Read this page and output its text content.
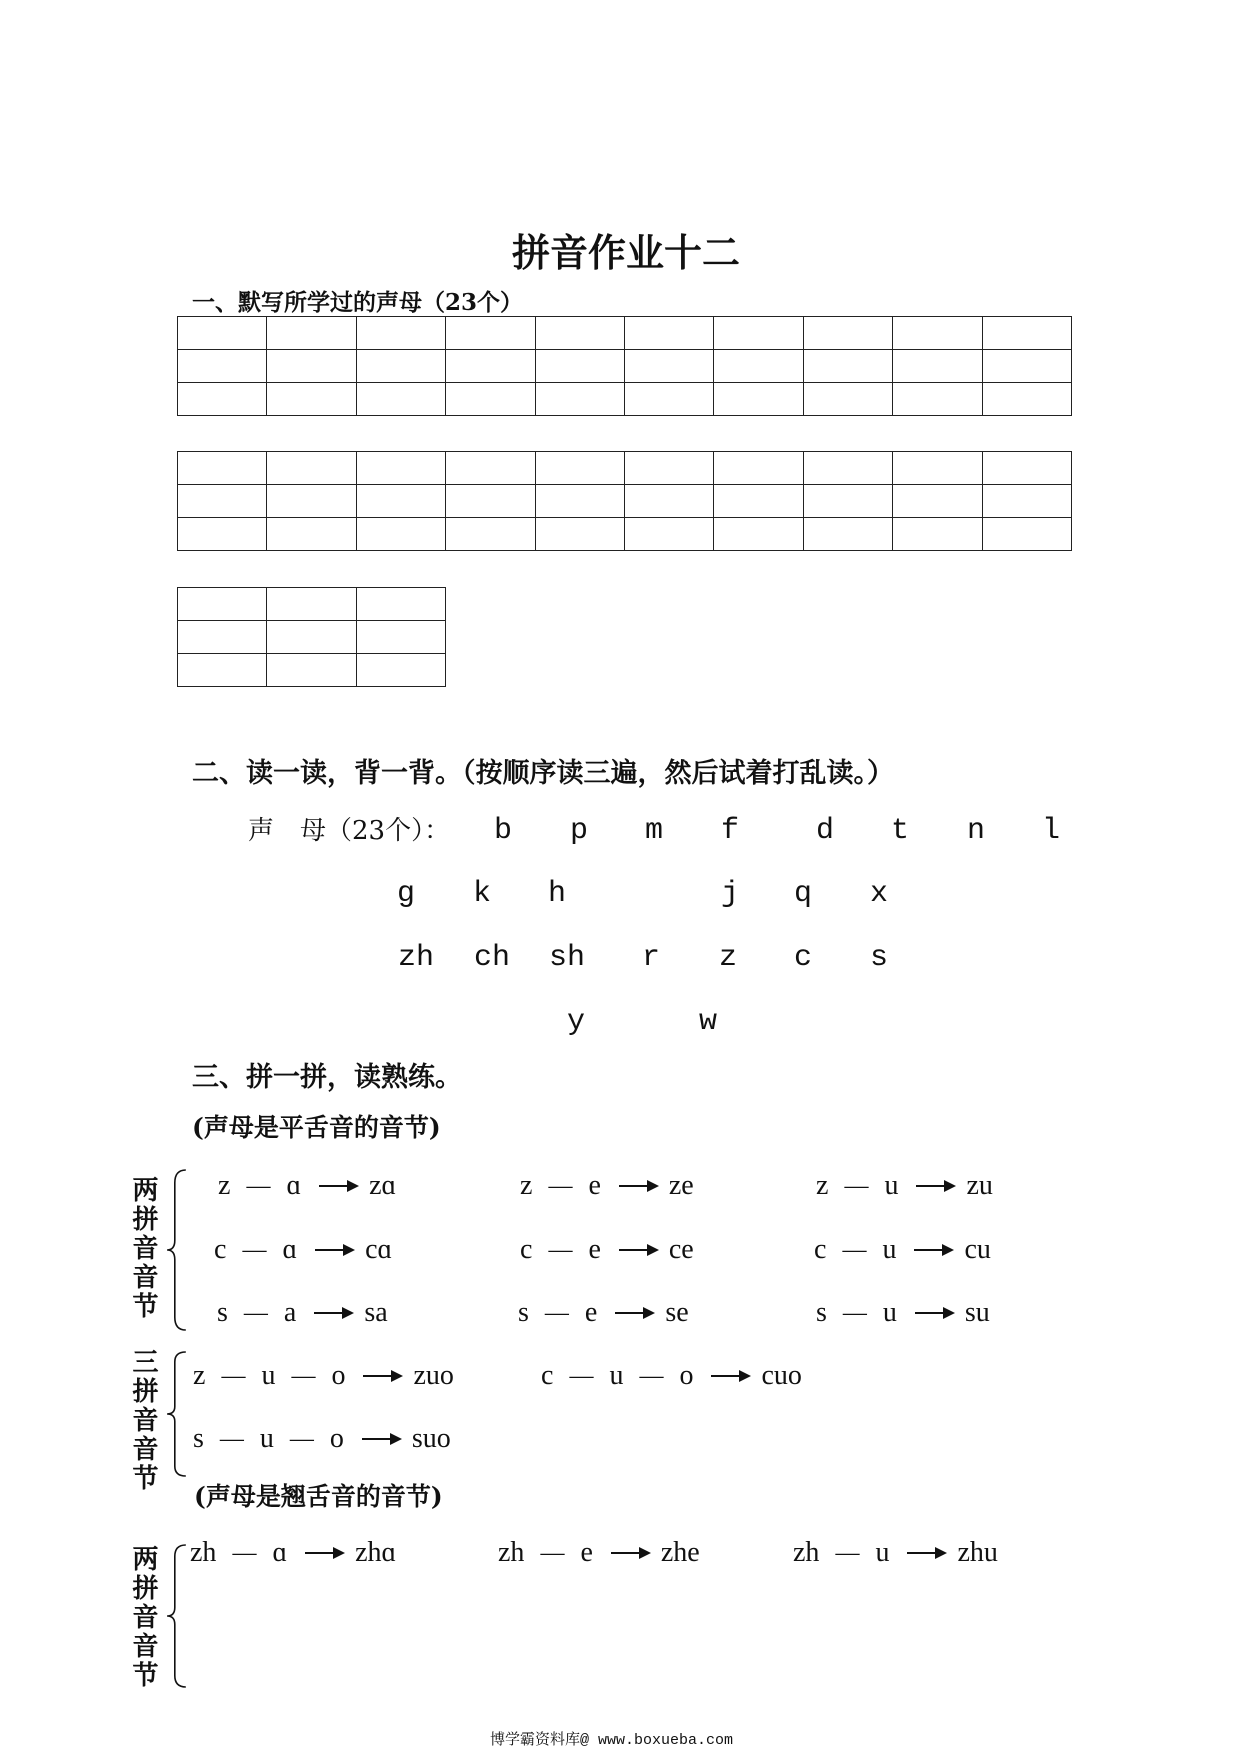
拼音作业十二
一、默写所学过的声母（23个）
二、读一读，背一背。（按顺序读三遍，然后试着打乱读。）
声　母（23个）：	b	p	m	f	d	t	n	l
g	k	h	j	q	x
zh ch sh	r	z	c	s
y	w
三、拼一拼，读熟练。
(声母是平舌音的音节)
两拼音音节 z — ɑ zɑ	z — e ze	z — u zu
c — ɑ cɑ	c — e ce	c — u cu
s — a sa	s — e se	s — u su
三拼音音节 z — u — o zuo	c — u — o cuo
s — u — o suo
(声母是翘舌音的音节)
两拼音音节 zh — ɑ zhɑ	zh — e zhe	zh — u zhu
博学霸资料库@ www.boxueba.com
